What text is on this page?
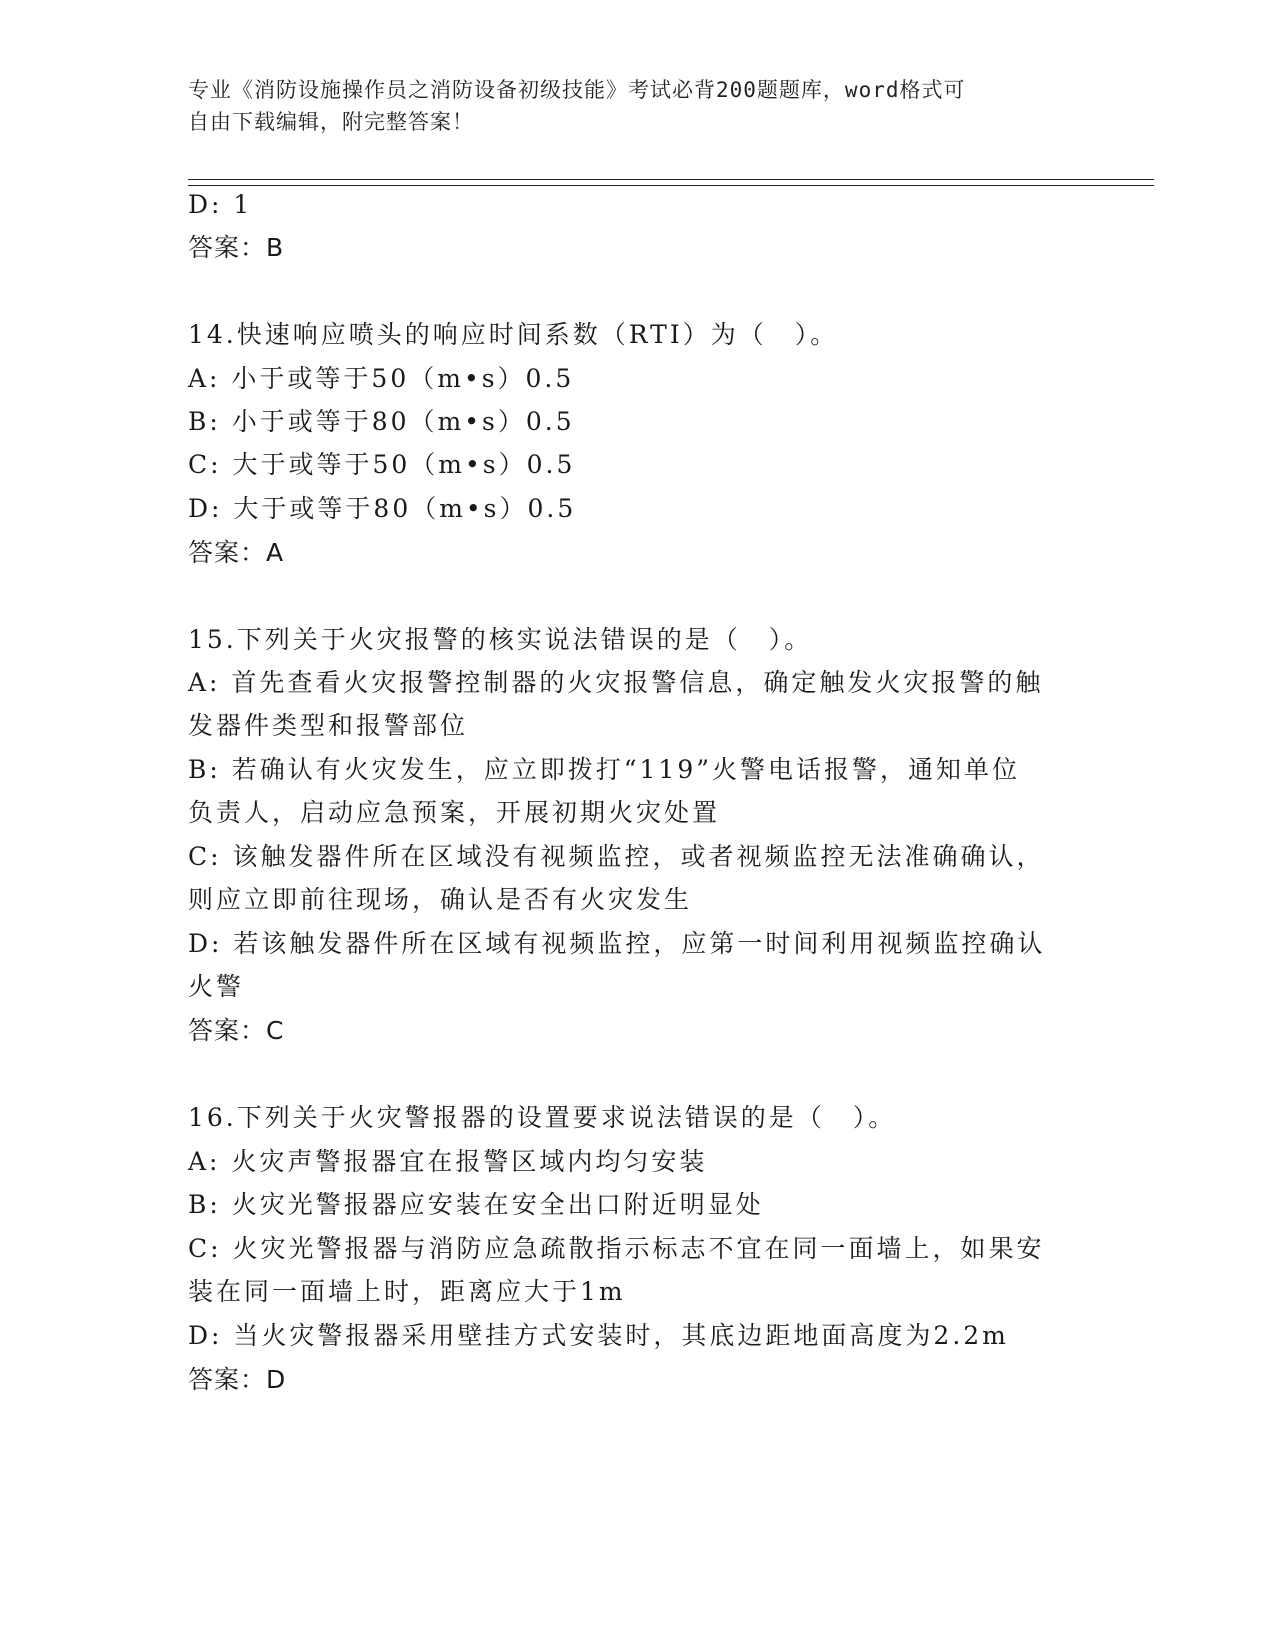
专业《消防设施操作员之消防设备初级技能》考试必背200题题库，word格式可
自由下载编辑，附完整答案！
D: 1
答案：B
14.快速响应喷头的响应时间系数（RTI）为（　）。
A: 小于或等于50（m•s）0.5
B: 小于或等于80（m•s）0.5
C: 大于或等于50（m•s）0.5
D: 大于或等于80（m•s）0.5
答案：A
15.下列关于火灾报警的核实说法错误的是（　）。
A: 首先查看火灾报警控制器的火灾报警信息，确定触发火灾报警的触
发器件类型和报警部位
B: 若确认有火灾发生，应立即拨打“119”火警电话报警，通知单位
负责人，启动应急预案，开展初期火灾处置
C: 该触发器件所在区域没有视频监控，或者视频监控无法准确确认，
则应立即前往现场，确认是否有火灾发生
D: 若该触发器件所在区域有视频监控，应第一时间利用视频监控确认
火警
答案：C
16.下列关于火灾警报器的设置要求说法错误的是（　）。
A: 火灾声警报器宜在报警区域内均匀安装
B: 火灾光警报器应安装在安全出口附近明显处
C: 火灾光警报器与消防应急疏散指示标志不宜在同一面墙上，如果安
装在同一面墙上时，距离应大于1m
D: 当火灾警报器采用壁挂方式安装时，其底边距地面高度为2.2m
答案：D
